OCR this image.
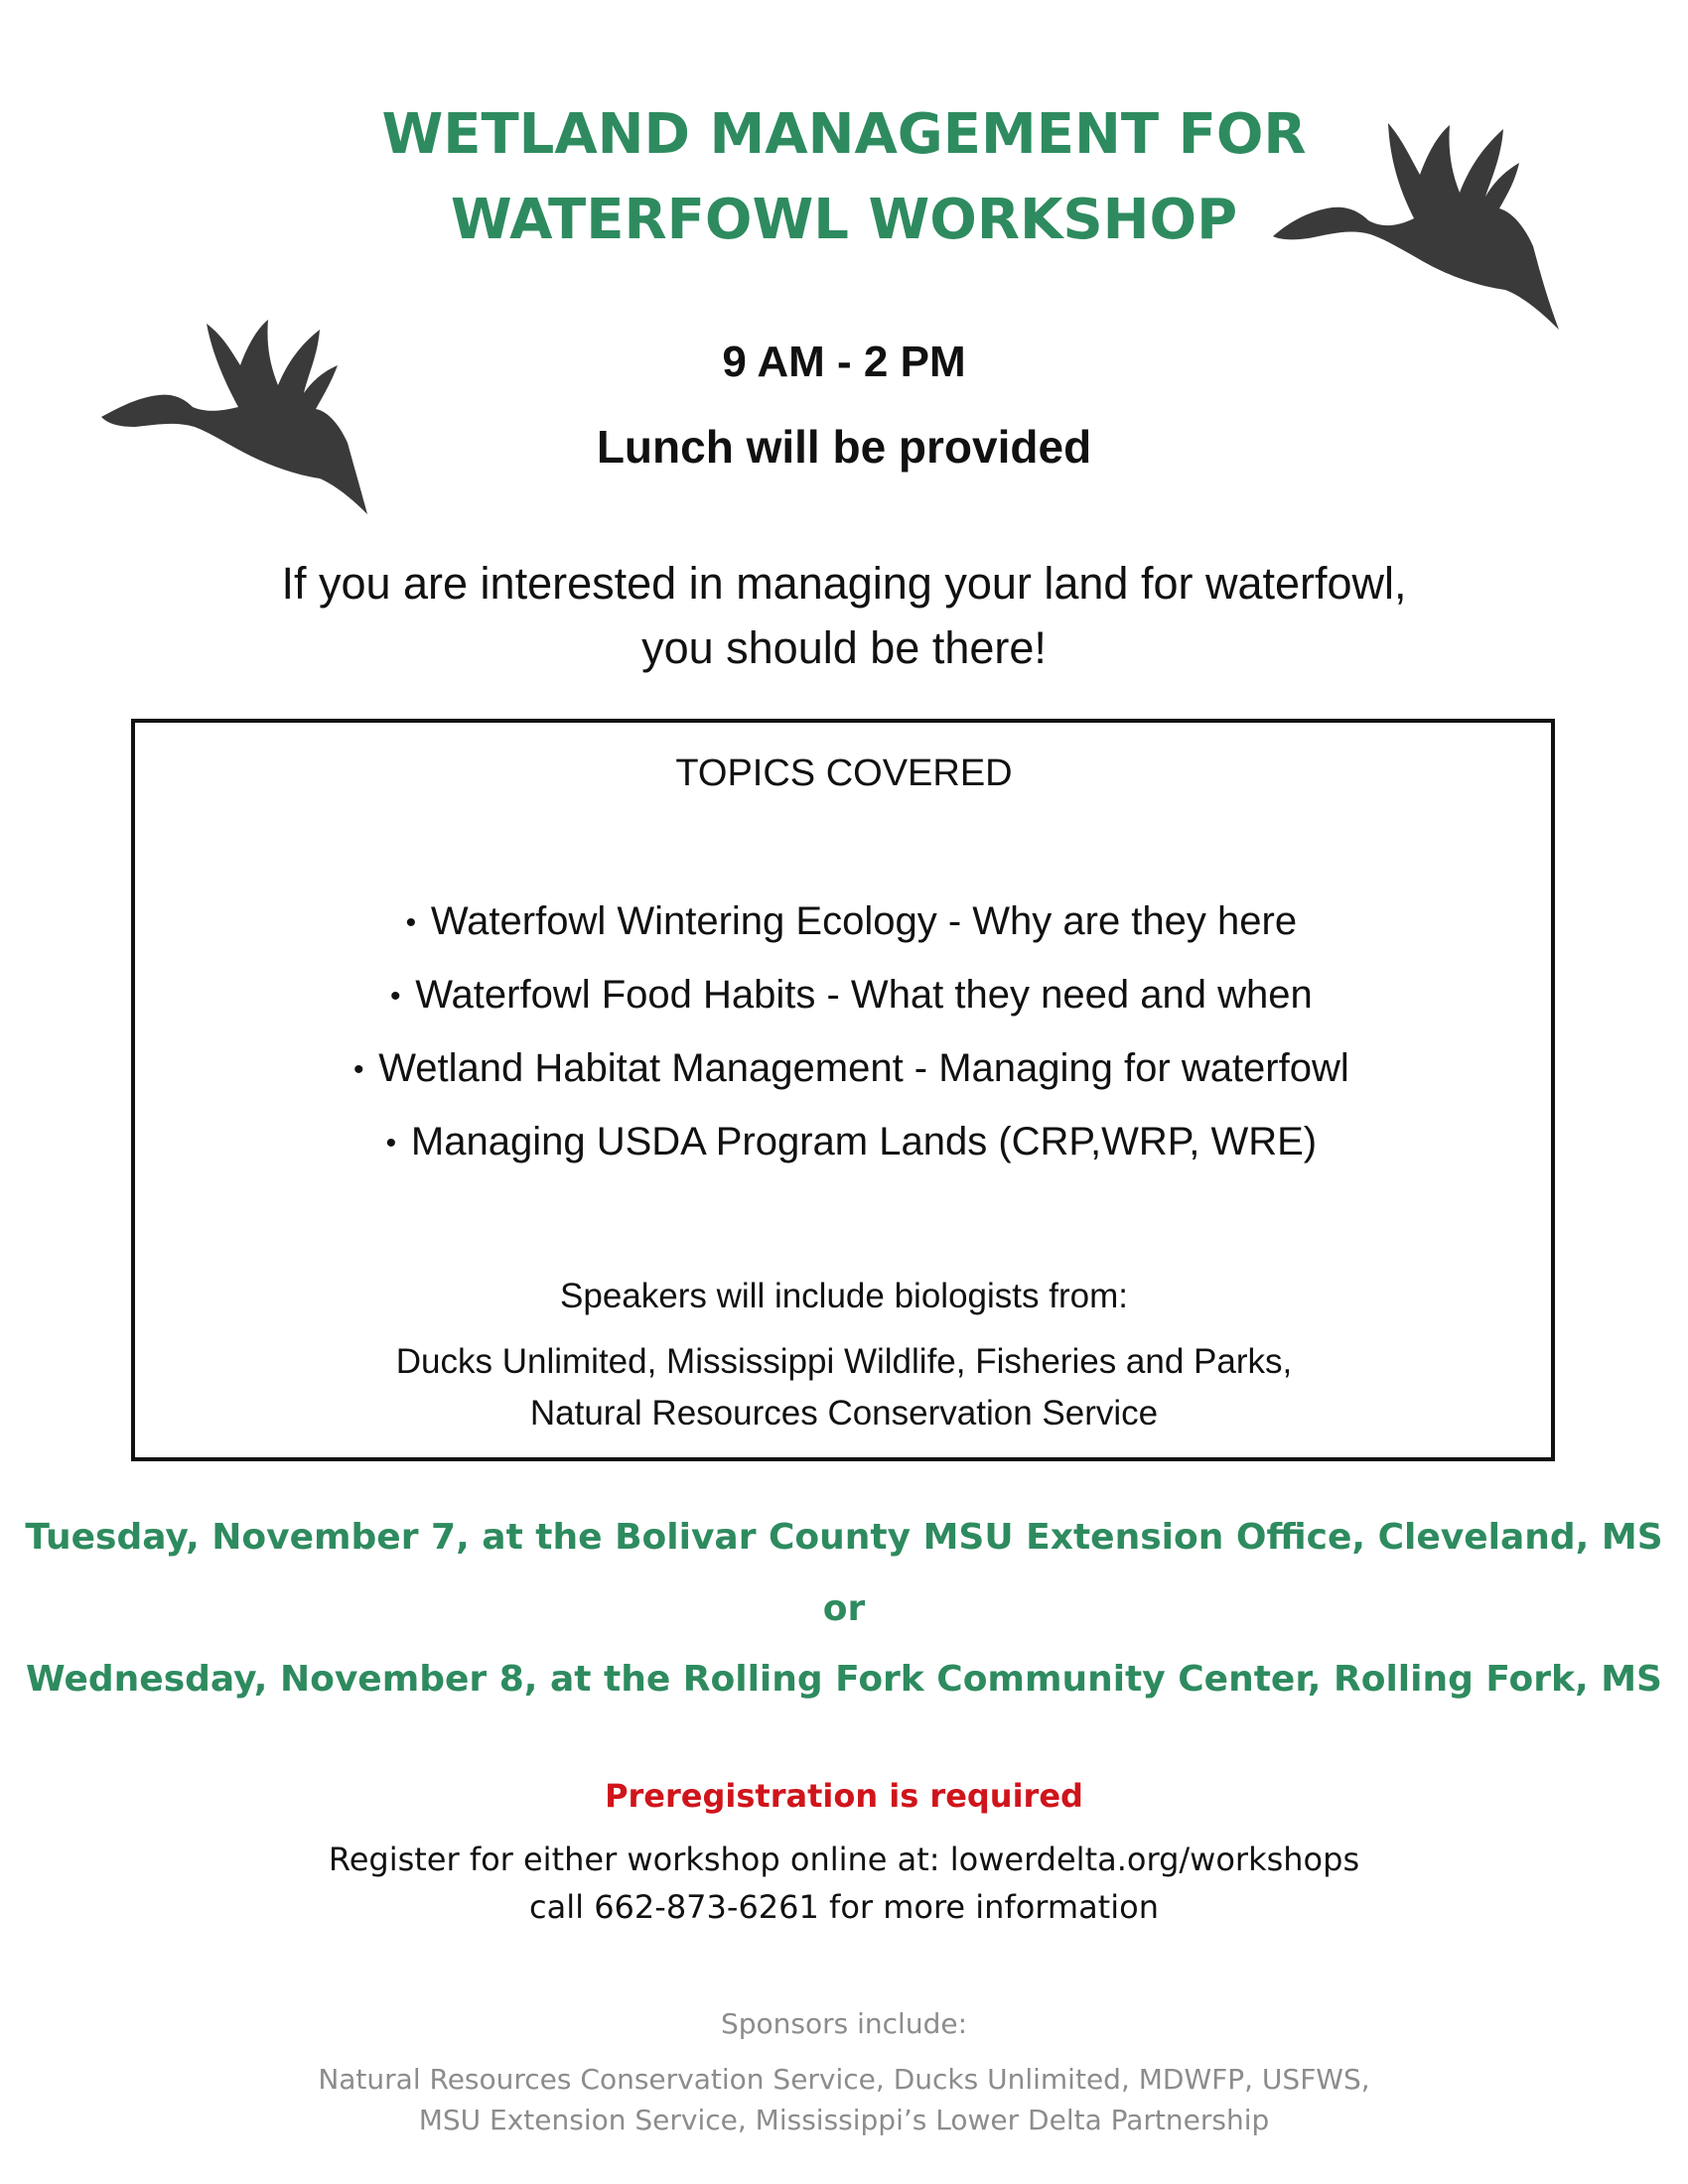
WETLAND MANAGEMENT FOR
WATERFOWL WORKSHOP
9 AM - 2 PM
Lunch will be provided
If you are interested in managing your land for waterfowl,
you should be there!
TOPICS COVERED
• Waterfowl Wintering Ecology - Why are they here
• Waterfowl Food Habits - What they need and when
• Wetland Habitat Management - Managing for waterfowl
• Managing USDA Program Lands (CRP,WRP, WRE)
Speakers will include biologists from:
Ducks Unlimited, Mississippi Wildlife, Fisheries and Parks,
Natural Resources Conservation Service
Tuesday, November 7, at the Bolivar County MSU Extension Office, Cleveland, MS
or
Wednesday, November 8, at the Rolling Fork Community Center, Rolling Fork, MS
Preregistration is required
Register for either workshop online at: lowerdelta.org/workshops
call 662-873-6261 for more information
Sponsors include:
Natural Resources Conservation Service, Ducks Unlimited, MDWFP, USFWS,
MSU Extension Service, Mississippi’s Lower Delta Partnership
